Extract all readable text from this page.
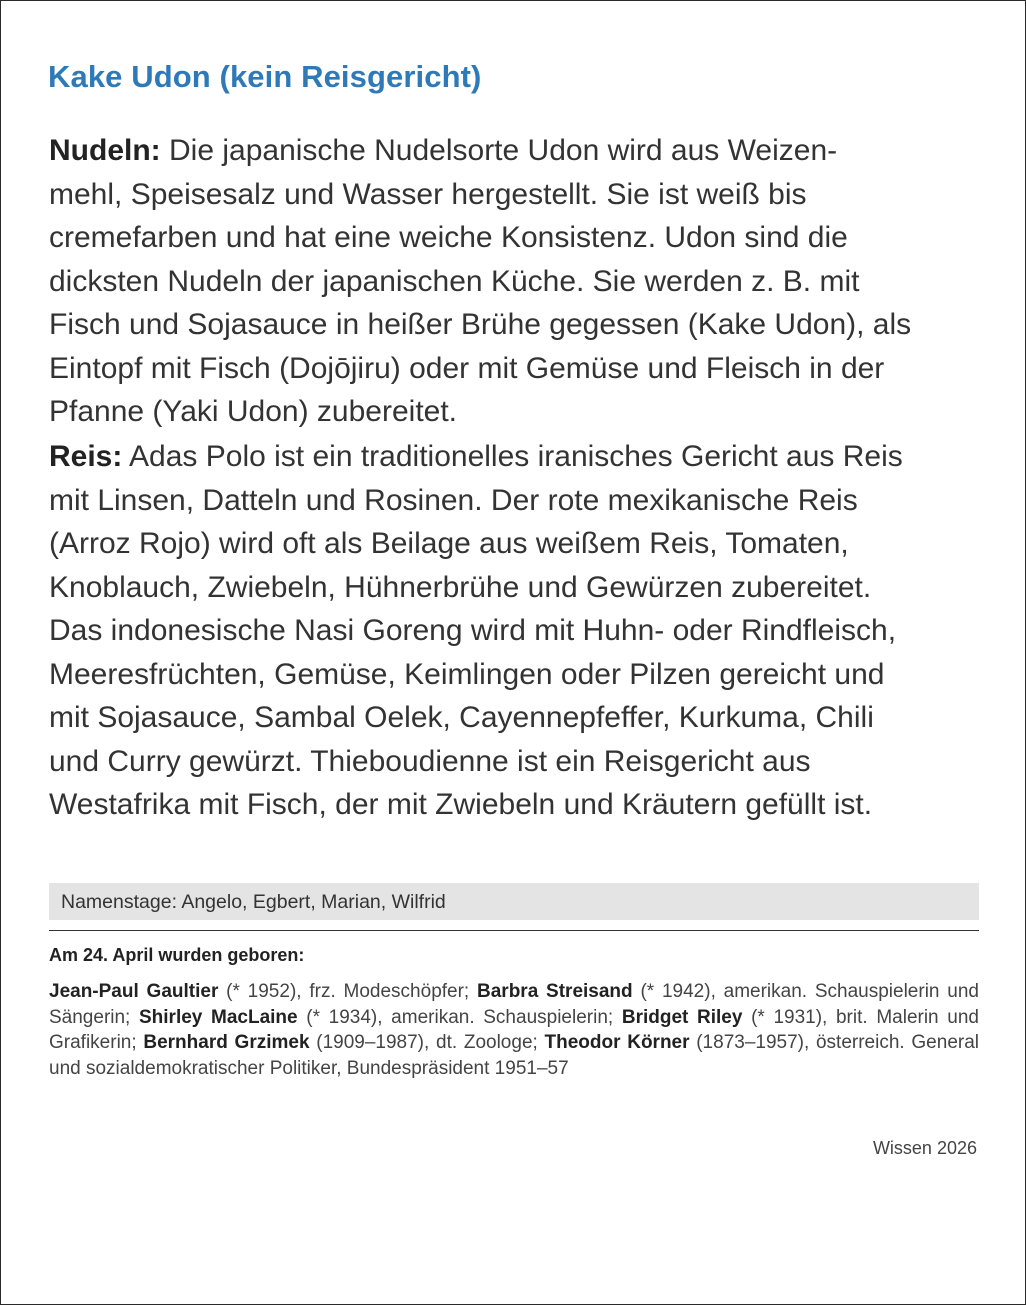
Kake Udon (kein Reisgericht)

Nudeln: Die japanische Nudelsorte Udon wird aus Weizen-
mehl, Speisesalz und Wasser hergestellt. Sie ist weiß bis
cremefarben und hat eine weiche Konsistenz. Udon sind die
dicksten Nudeln der japanischen Küche. Sie werden z. B. mit
Fisch und Sojasauce in heißer Brühe gegessen (Kake Udon), als
Eintopf mit Fisch (Dojōjiru) oder mit Gemüse und Fleisch in der
Pfanne (Yaki Udon) zubereitet.

Reis: Adas Polo ist ein traditionelles iranisches Gericht aus Reis
mit Linsen, Datteln und Rosinen. Der rote mexikanische Reis
(Arroz Rojo) wird oft als Beilage aus weißem Reis, Tomaten,
Knoblauch, Zwiebeln, Hühnerbrühe und Gewürzen zubereitet.
Das indonesische Nasi Goreng wird mit Huhn- oder Rindfleisch,
Meeresfrüchten, Gemüse, Keimlingen oder Pilzen gereicht und
mit Sojasauce, Sambal Oelek, Cayennepfeffer, Kurkuma, Chili
und Curry gewürzt. Thieboudienne ist ein Reisgericht aus
Westafrika mit Fisch, der mit Zwiebeln und Kräutern gefüllt ist.

Namenstage: Angelo, Egbert, Marian, Wilfrid
Am 24. April wurden geboren:

Jean-Paul Gaultier (* 1952), frz. Modeschöpfer; Barbra Streisand (* 1942), amerikan. Schauspielerin und Sängerin; Shirley MacLaine (* 1934), amerikan. Schauspielerin; Bridget Riley (* 1931), brit. Malerin und Grafikerin; Bernhard Grzimek (1909–1987), dt. Zoologe; Theodor Körner (1873–1957), österreich. General und sozialdemokratischer Politiker, Bundespräsident 1951–57

Wissen 2026
